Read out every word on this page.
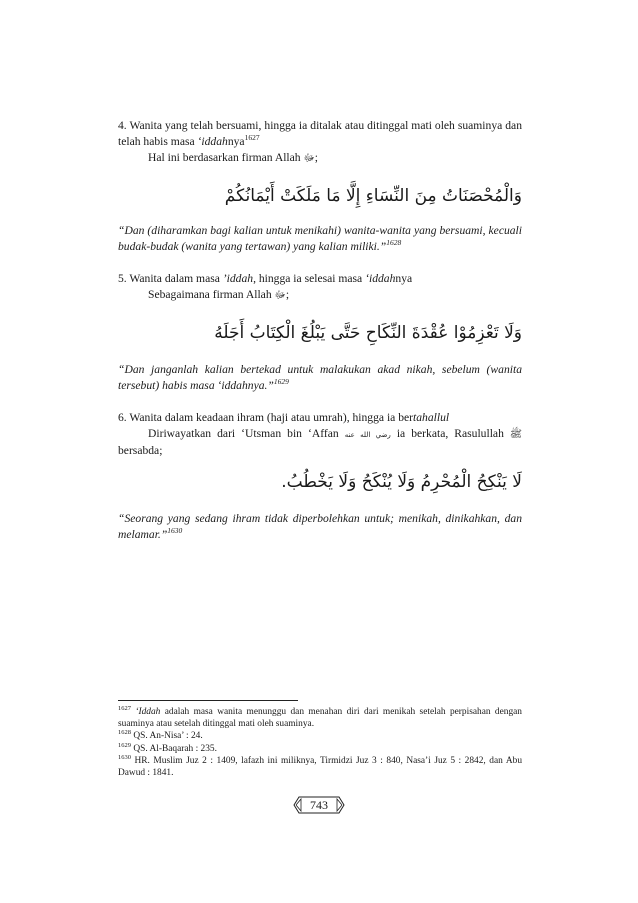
4. Wanita yang telah bersuami, hingga ia ditalak atau ditinggal mati oleh suaminya dan telah habis masa ‘iddahnya$^{1627}$

Hal ini berdasarkan firman Allah ﷻ;

وَالْمُحْصَنَاتُ مِنَ النِّسَاءِ إِلَّا مَا مَلَكَتْ أَيْمَانُكُمْ

“Dan (diharamkan bagi kalian untuk menikahi) wanita-wanita yang bersuami, kecuali budak-budak (wanita yang tertawan) yang kalian miliki.”$^{1628}$

5. Wanita dalam masa ’iddah, hingga ia selesai masa ‘iddahnya

Sebagaimana firman Allah ﷻ;

وَلَا تَعْزِمُوْا عُقْدَةَ النِّكَاحِ حَتَّى يَبْلُغَ الْكِتَابُ أَجَلَهُ

“Dan janganlah kalian bertekad untuk malakukan akad nikah, sebelum (wanita tersebut) habis masa ‘iddahnya.”$^{1629}$

6. Wanita dalam keadaan ihram (haji atau umrah), hingga ia bertahallul

Diriwayatkan dari ‘Utsman bin ‘Affan رضي الله عنه ia berkata, Rasulullah ﷺ bersabda;

لَا يَنْكِحُ الْمُحْرِمُ وَلَا يُنْكَحُ وَلَا يَخْطُبُ.

“Seorang yang sedang ihram tidak diperbolehkan untuk; menikah, dinikahkan, dan melamar.”$^{1630}$

$^{1627}$ ‘Iddah adalah masa wanita menunggu dan menahan diri dari menikah setelah perpisahan dengan suaminya atau setelah ditinggal mati oleh suaminya.

$^{1628}$ QS. An-Nisa’ : 24.

$^{1629}$ QS. Al-Baqarah : 235.

$^{1630}$ HR. Muslim Juz 2 : 1409, lafazh ini miliknya, Tirmidzi Juz 3 : 840, Nasa’i Juz 5 : 2842, dan Abu Dawud : 1841.

743
